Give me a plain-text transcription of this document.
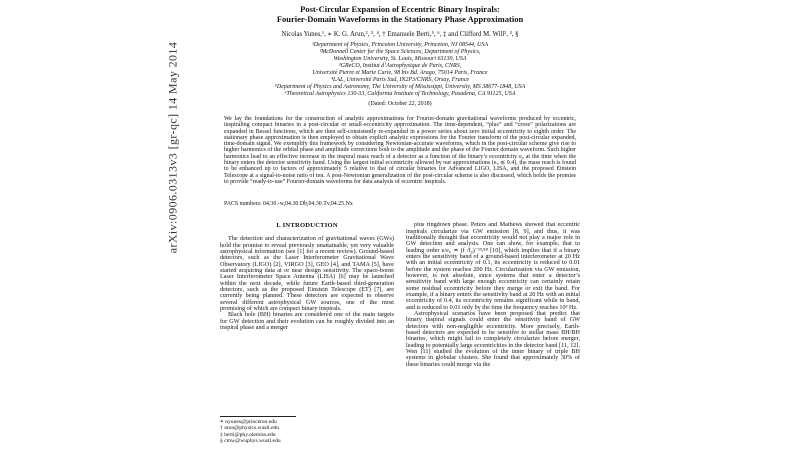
arXiv:0906.0313v3 [gr-qc] 14 May 2014
Post-Circular Expansion of Eccentric Binary Inspirals:
Fourier-Domain Waveforms in the Stationary Phase Approximation
Nicolas Yunes,¹, ∗ K. G. Arun,², ³, ⁴, † Emanuele Berti,⁵, ⁶, ‡ and Clifford M. Will², ³, §
¹Department of Physics, Princeton University, Princeton, NJ 08544, USA
²McDonnell Center for the Space Sciences, Department of Physics,
Washington University, St. Louis, Missouri 63130, USA
³GReCO, Institut d’Astrophysique de Paris, CNRS,
Université Pierre et Marie Curie, 98 bis Bd. Arago, 75014 Paris, France
⁴LAL, Université Paris Sud, IN2P3/CNRS, Orsay, France
⁵Department of Physics and Astronomy, The University of Mississippi, University, MS 38677-1848, USA
⁶Theoretical Astrophysics 130-33, California Institute of Technology, Pasadena, CA 91125, USA
(Dated: October 22, 2018)
We lay the foundations for the construction of analytic approximations for Fourier-domain gravitational waveforms produced by eccentric, inspiraling compact binaries in a post-circular or small-eccentricity approximation. The time-dependent, “plus” and “cross” polarizations are expanded in Bessel functions, which are then self-consistently re-expanded in a power series about zero initial eccentricity to eighth order. The stationary phase approximation is then employed to obtain explicit analytic expressions for the Fourier transform of the post-circular expanded, time-domain signal. We exemplify this framework by considering Newtonian-accurate waveforms, which in the post-circular scheme give rise to higher harmonics of the orbital phase and amplitude corrections both to the amplitude and the phase of the Fourier domain waveform. Such higher harmonics lead to an effective increase in the inspiral mass reach of a detector as a function of the binary’s eccentricity e₀ at the time when the binary enters the detector sensitivity band. Using the largest initial eccentricity allowed by our approximations (e₀ ≲ 0.4), the mass reach is found to be enhanced up to factors of approximately 5 relative to that of circular binaries for Advanced LIGO, LISA, and the proposed Einstein Telescope at a signal-to-noise ratio of ten. A post-Newtonian generalization of the post-circular scheme is also discussed, which holds the promise to provide “ready-to-use” Fourier-domain waveforms for data analysis of eccentric inspirals.
PACS numbers: 04.30.-w,04.30.Db,04.30.Tv,04.25.Nx
I. INTRODUCTION

The detection and characterization of gravitational waves (GWs) hold the promise to reveal previously unattainable, yet very valuable astrophysical information (see [1] for a recent review). Ground-based detectors, such as the Laser Interferometer Gravitational Wave Observatory (LIGO) [2], VIRGO [3], GEO [4], and TAMA [5], have started acquiring data at or near design sensitivity. The space-borne Laser Interferometer Space Antenna (LISA) [6] may be launched within the next decade, while future Earth-based third-generation detectors, such as the proposed Einstein Telescope (ET) [7], are currently being planned. These detectors are expected to observe several different astrophysical GW sources, one of the most promising of which are compact binary inspirals.

Black hole (BH) binaries are considered one of the main targets for GW detection and their evolution can be roughly divided into an inspiral phase and a merger

∗ nyunes@princeton.edu
† arun@physics.wustl.edu
‡ berti@phy.olemiss.edu
§ cmw@wuphys.wustl.edu

plus ringdown phase. Peters and Mathews showed that eccentric inspirals circularize via GW emission [8, 9], and thus, it was traditionally thought that eccentricity would not play a major role in GW detection and analysis. One can show, for example, that to leading order e/e₀ ≃ (f /f₀)⁻¹⁹/¹⁸ [10], which implies that if a binary enters the sensitivity band of a ground-based interferometer at 20 Hz with an initial eccentricity of 0.1, its eccentricity is reduced to 0.01 before the system reaches 200 Hz. Circularization via GW emission, however, is not absolute, since systems that enter a detector’s sensitivity band with large enough eccentricity can certainly retain some residual eccentricity before they merge or exit the band. For example, if a binary enters the sensitivity band at 20 Hz with an initial eccentricity of 0.4, its eccentricity remains significant while in band, and is reduced to 0.01 only by the time the frequency reaches 10³ Hz.

Astrophysical scenarios have been proposed that predict that binary inspiral signals could enter the sensitivity band of GW detectors with non-negligible eccentricity. More precisely, Earth-based detectors are expected to be sensitive to stellar mass BH/BH binaries, which might fail to completely circularize before merger, leading to potentially large eccentricities in the detector band [11, 12]. Wen [11] studied the evolution of the inner binary of triple BH systems in globular clusters. She found that approximately 30% of these binaries could merge via the
